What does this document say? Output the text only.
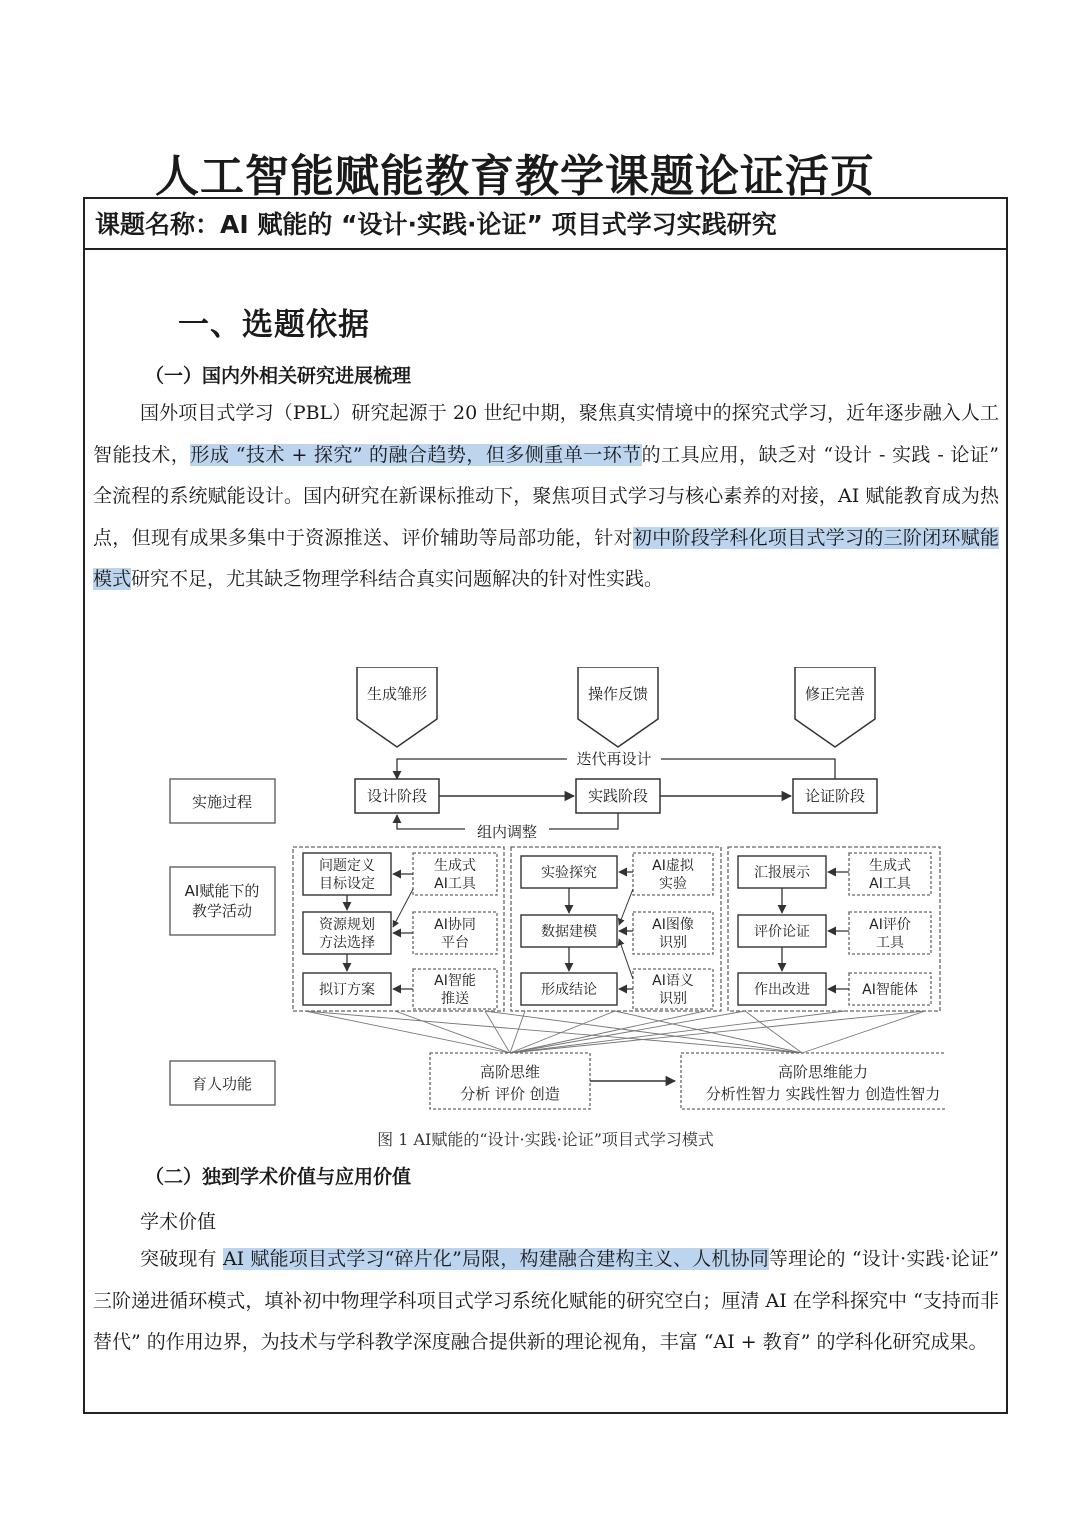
人工智能赋能教育教学课题论证活页
课题名称：AI 赋能的 “设计·实践·论证” 项目式学习实践研究
一、选题依据
（一）国内外相关研究进展梳理

国外项目式学习（PBL）研究起源于 20 世纪中期，聚焦真实情境中的探究式学习，近年逐步融入人工智能技术，形成 “技术 + 探究” 的融合趋势，但多侧重单一环节的工具应用，缺乏对 “设计 - 实践 - 论证” 全流程的系统赋能设计。国内研究在新课标推动下，聚焦项目式学习与核心素养的对接，AI 赋能教育成为热点，但现有成果多集中于资源推送、评价辅助等局部功能，针对初中阶段学科化项目式学习的三阶闭环赋能模式研究不足，尤其缺乏物理学科结合真实问题解决的针对性实践。

生成雏形	操作反馈	修正完善
迭代再设计
实施过程
AI赋能下的
教学活动
育人功能
设计阶段	实践阶段	论证阶段
组内调整
问题定义
目标设定
资源规划
方法选择
拟订方案
生成式
AI工具
AI协同
平台
AI智能
推送
实验探究
数据建模
形成结论
AI虚拟
实验
AI图像
识别
AI语义
识别
汇报展示
评价论证
作出改进
生成式
AI工具
AI评价
工具
AI智能体
高阶思维
分析 评价 创造
高阶思维能力
分析性智力 实践性智力 创造性智力

图 1 AI赋能的“设计·实践·论证”项目式学习模式

（二）独到学术价值与应用价值

学术价值

突破现有 AI 赋能项目式学习“碎片化”局限，构建融合建构主义、人机协同等理论的 “设计·实践·论证” 三阶递进循环模式，填补初中物理学科项目式学习系统化赋能的研究空白；厘清 AI 在学科探究中 “支持而非替代” 的作用边界，为技术与学科教学深度融合提供新的理论视角，丰富 “AI + 教育” 的学科化研究成果。
